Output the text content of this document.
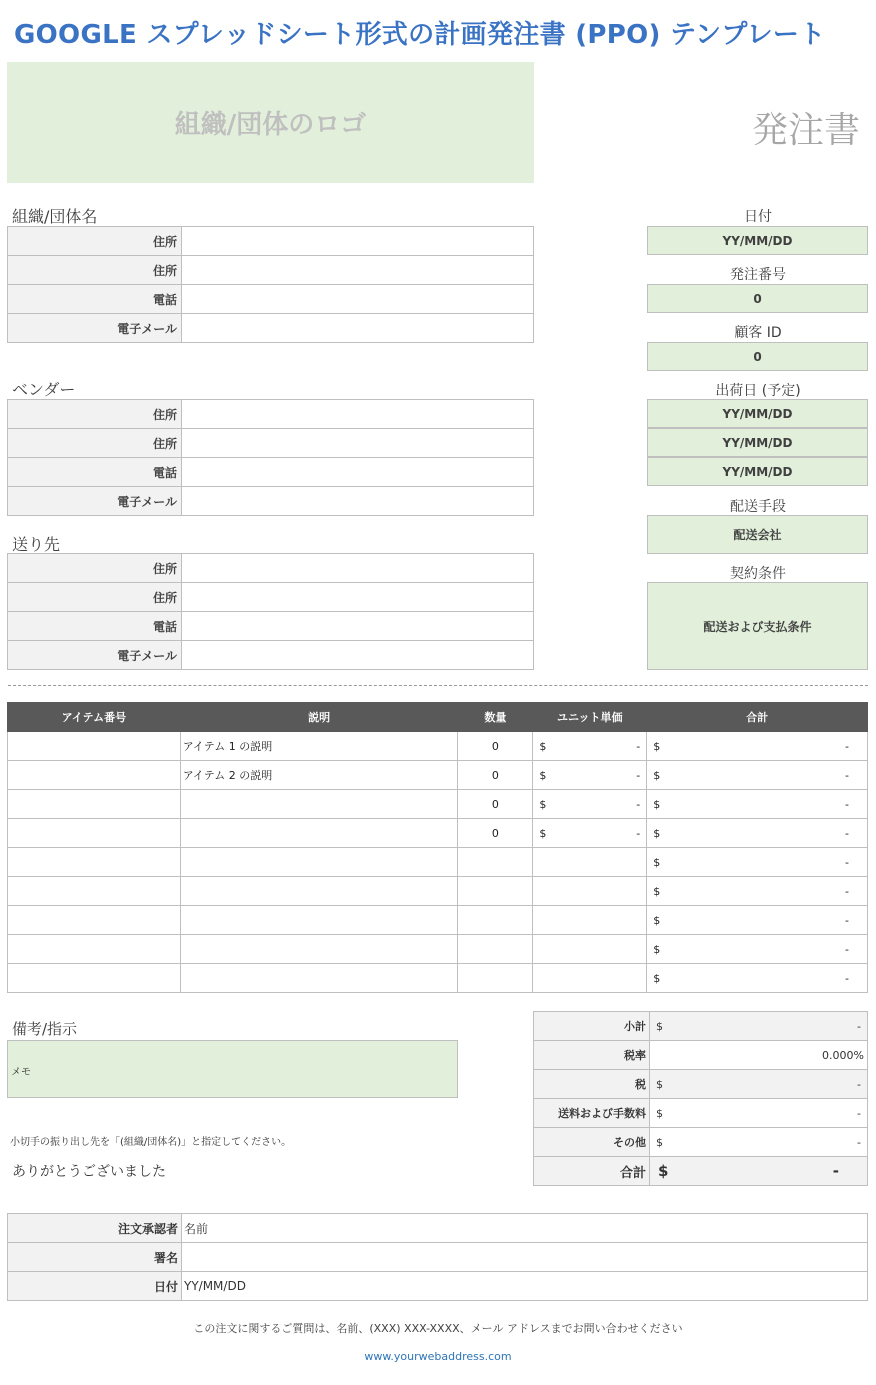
GOOGLE スプレッドシート形式の計画発注書 (PPO) テンプレート
組織/団体のロゴ	発注書
組織/団体名
住所	
住所	
電話	
電子メール	
ベンダー
住所	
住所	
電話	
電子メール	
送り先
住所	
住所	
電話	
電子メール	
日付
YY/MM/DD
発注番号
0
顧客 ID
0
出荷日 (予定)
YY/MM/DD
YY/MM/DD
YY/MM/DD
配送手段
配送会社
契約条件
配送および支払条件
アイテム番号	説明	数量	ユニット単価	合計
	アイテム 1 の説明	0	$ -	$ -

	アイテム 2 の説明	0	$ -	$ -

		0	$ -	$ -

		0	$ -	$ -

				$ -

				$ -

				$ -

				$ -

				$ -
備考/指示
メモ
小切手の振り出し先を「(組織/団体名)」と指定してください。
ありがとうございました
小計	$ -

税率	0.000%
税	$ -

送料および手数料	$ -

その他	$ -

合計	$ -
注文承認者	名前
署名	
日付	YY/MM/DD
この注文に関するご質問は、名前、(XXX) XXX-XXXX、メール アドレスまでお問い合わせください
www.yourwebaddress.com
